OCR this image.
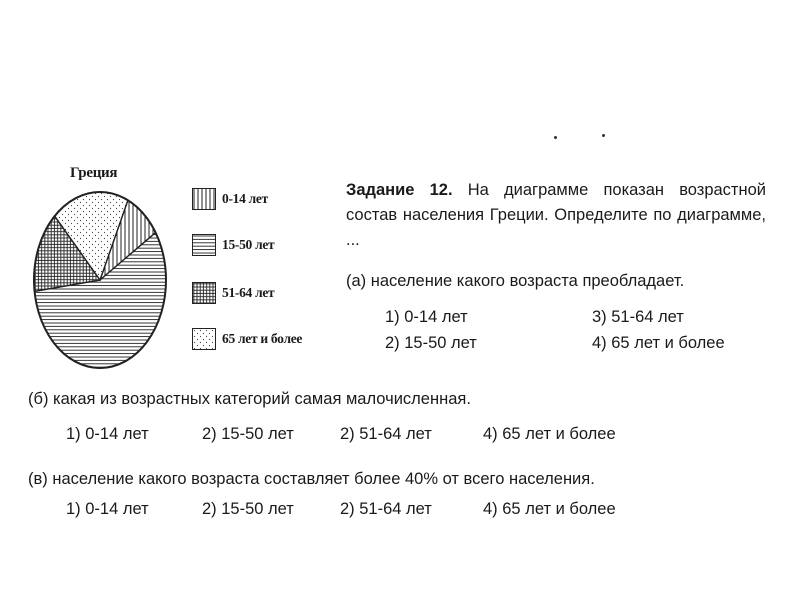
Греция
0-14 лет
15-50 лет
51-64 лет
65 лет и более
Задание 12. На диаграмме показан возрастной состав населения Греции. Определите по диаграмме, ...
(а) население какого возраста преобладает.
1) 0-14 лет	3) 51-64 лет
2) 15-50 лет	4) 65 лет и более
(б) какая из возрастных категорий самая малочисленная.
1) 0-14 лет	2) 15-50 лет	2) 51-64 лет	4) 65 лет и более
(в) население какого возраста составляет более 40% от всего населения.
1) 0-14 лет	2) 15-50 лет	2) 51-64 лет	4) 65 лет и более
